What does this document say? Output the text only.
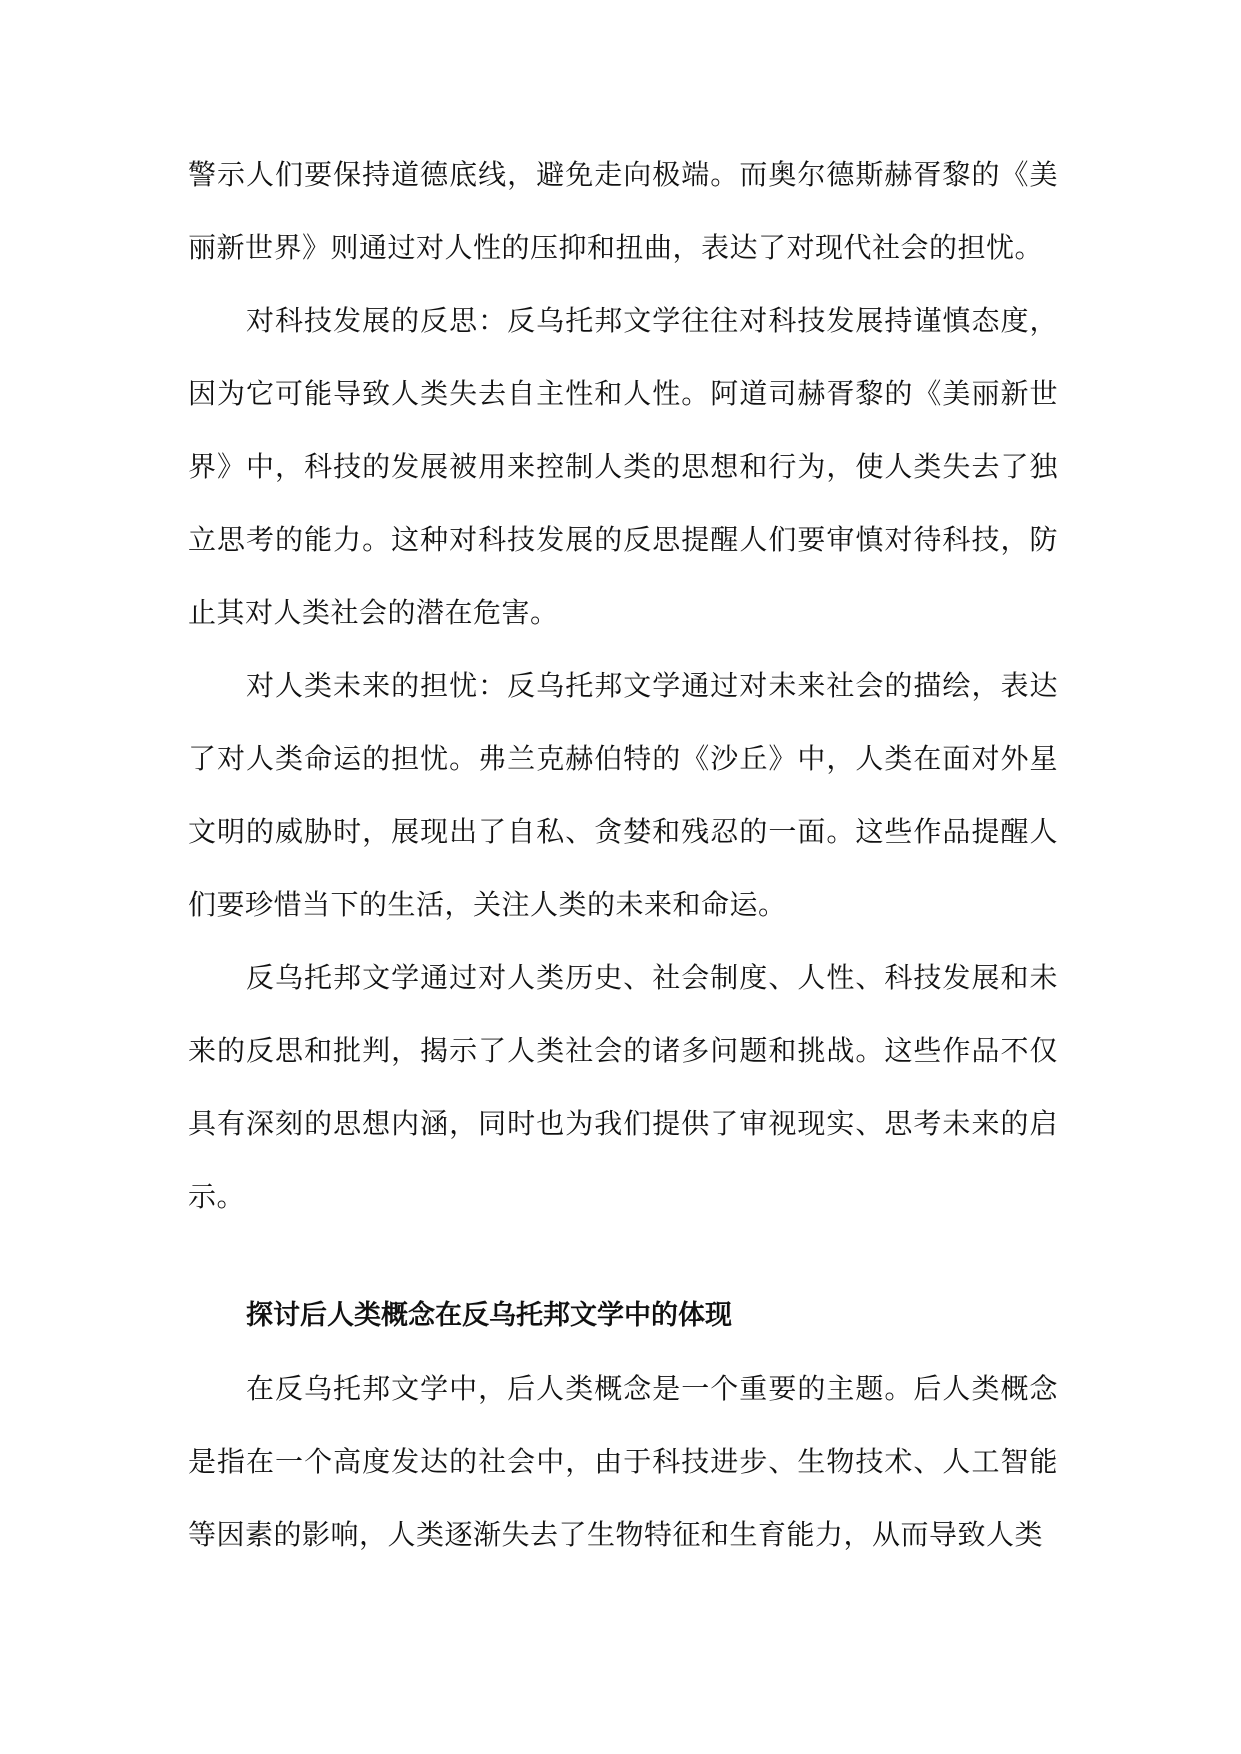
警示人们要保持道德底线，避免走向极端。而奥尔德斯赫胥黎的《美丽新世界》则通过对人性的压抑和扭曲，表达了对现代社会的担忧。

对科技发展的反思：反乌托邦文学往往对科技发展持谨慎态度，因为它可能导致人类失去自主性和人性。阿道司赫胥黎的《美丽新世界》中，科技的发展被用来控制人类的思想和行为，使人类失去了独立思考的能力。这种对科技发展的反思提醒人们要审慎对待科技，防止其对人类社会的潜在危害。

对人类未来的担忧：反乌托邦文学通过对未来社会的描绘，表达了对人类命运的担忧。弗兰克赫伯特的《沙丘》中，人类在面对外星文明的威胁时，展现出了自私、贪婪和残忍的一面。这些作品提醒人们要珍惜当下的生活，关注人类的未来和命运。

反乌托邦文学通过对人类历史、社会制度、人性、科技发展和未来的反思和批判，揭示了人类社会的诸多问题和挑战。这些作品不仅具有深刻的思想内涵，同时也为我们提供了审视现实、思考未来的启示。

探讨后人类概念在反乌托邦文学中的体现

在反乌托邦文学中，后人类概念是一个重要的主题。后人类概念是指在一个高度发达的社会中，由于科技进步、生物技术、人工智能等因素的影响，人类逐渐失去了生物特征和生育能力，从而导致人类
